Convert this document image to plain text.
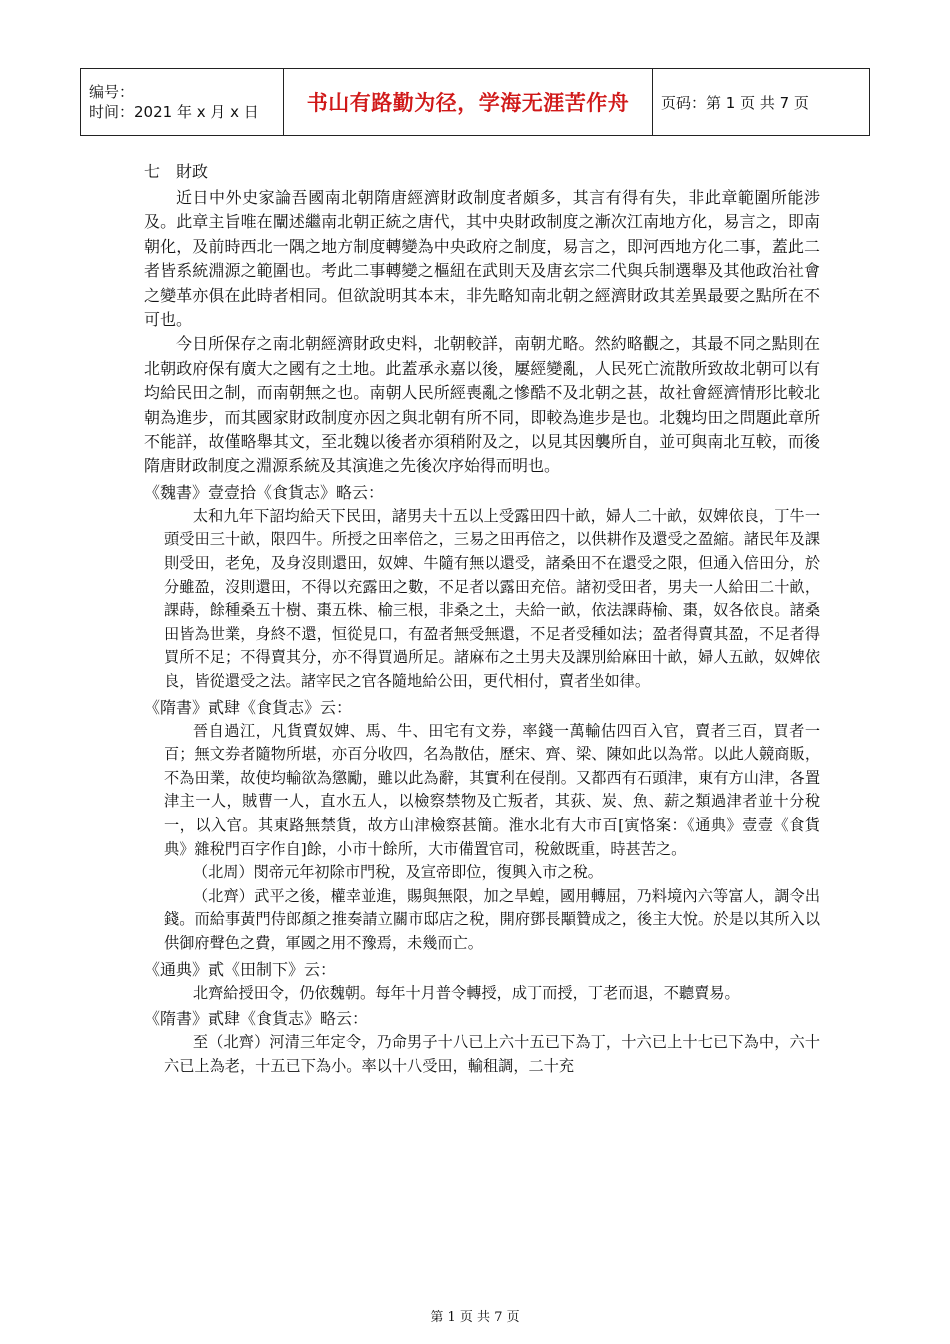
编号：
时间：2021 年 x 月 x 日	书山有路勤为径，学海无涯苦作舟	页码：第 1 页 共 7 页
七　財政

近日中外史家論吾國南北朝隋唐經濟財政制度者頗多，其言有得有失，非此章範圍所能涉及。此章主旨唯在闡述繼南北朝正統之唐代，其中央財政制度之漸次江南地方化，易言之，即南朝化，及前時西北一隅之地方制度轉變為中央政府之制度，易言之，即河西地方化二事，蓋此二者皆系統淵源之範圍也。考此二事轉變之樞紐在武則天及唐玄宗二代與兵制選舉及其他政治社會之變革亦俱在此時者相同。但欲說明其本末，非先略知南北朝之經濟財政其差異最要之點所在不可也。

今日所保存之南北朝經濟財政史料，北朝較詳，南朝尤略。然約略觀之，其最不同之點則在北朝政府保有廣大之國有之土地。此蓋承永嘉以後，屢經變亂，人民死亡流散所致故北朝可以有均給民田之制，而南朝無之也。南朝人民所經喪亂之慘酷不及北朝之甚，故社會經濟情形比較北朝為進步，而其國家財政制度亦因之與北朝有所不同，即較為進步是也。北魏均田之問題此章所不能詳，故僅略舉其文，至北魏以後者亦須稍附及之，以見其因襲所自，並可與南北互較，而後隋唐財政制度之淵源系統及其演進之先後次序始得而明也。

《魏書》壹壹拾《食貨志》略云：

太和九年下詔均給天下民田，諸男夫十五以上受露田四十畝，婦人二十畝，奴婢依良，丁牛一頭受田三十畝，限四牛。所授之田率倍之，三易之田再倍之，以供耕作及還受之盈縮。諸民年及課則受田，老免，及身沒則還田，奴婢、牛隨有無以還受，諸桑田不在還受之限，但通入倍田分，於分雖盈，沒則還田，不得以充露田之數，不足者以露田充倍。諸初受田者，男夫一人給田二十畝，課蒔，餘種桑五十樹、棗五株、榆三根，非桑之土，夫給一畝，依法課蒔榆、棗，奴各依良。諸桑田皆為世業，身終不還，恒從見口，有盈者無受無還，不足者受種如法；盈者得賣其盈，不足者得買所不足；不得賣其分，亦不得買過所足。諸麻布之土男夫及課別給麻田十畝，婦人五畝，奴婢依良，皆從還受之法。諸宰民之官各隨地給公田，更代相付，賣者坐如律。

《隋書》貳肆《食貨志》云：

晉自過江，凡貨賣奴婢、馬、牛、田宅有文券，率錢一萬輸估四百入官，賣者三百，買者一百；無文券者隨物所堪，亦百分收四，名為散估，歷宋、齊、梁、陳如此以為常。以此人競商販，不為田業，故使均輸欲為懲勵，雖以此為辭，其實利在侵削。又都西有石頭津，東有方山津，各置津主一人，賊曹一人，直水五人，以檢察禁物及亡叛者，其荻、炭、魚、薪之類過津者並十分稅一，以入官。其東路無禁貨，故方山津檢察甚簡。淮水北有大市百[寅恪案：《通典》壹壹《食貨典》雜稅門百字作自]餘，小市十餘所，大市備置官司，稅斂既重，時甚苦之。

（北周）閔帝元年初除市門稅，及宣帝即位，復興入市之稅。

（北齊）武平之後，權幸並進，賜與無限，加之旱蝗，國用轉屈，乃料境內六等富人，調令出錢。而給事黃門侍郎顏之推奏請立關市邸店之稅，開府鄧長顒贊成之，後主大悅。於是以其所入以供御府聲色之費，軍國之用不豫焉，未幾而亡。

《通典》貳《田制下》云：

北齊給授田令，仍依魏朝。每年十月普令轉授，成丁而授，丁老而退，不聽賣易。

《隋書》貳肆《食貨志》略云：

至（北齊）河清三年定令，乃命男子十八已上六十五已下為丁，十六已上十七已下為中，六十六已上為老，十五已下為小。率以十八受田，輸租調，二十充

第 1 页 共 7 页
